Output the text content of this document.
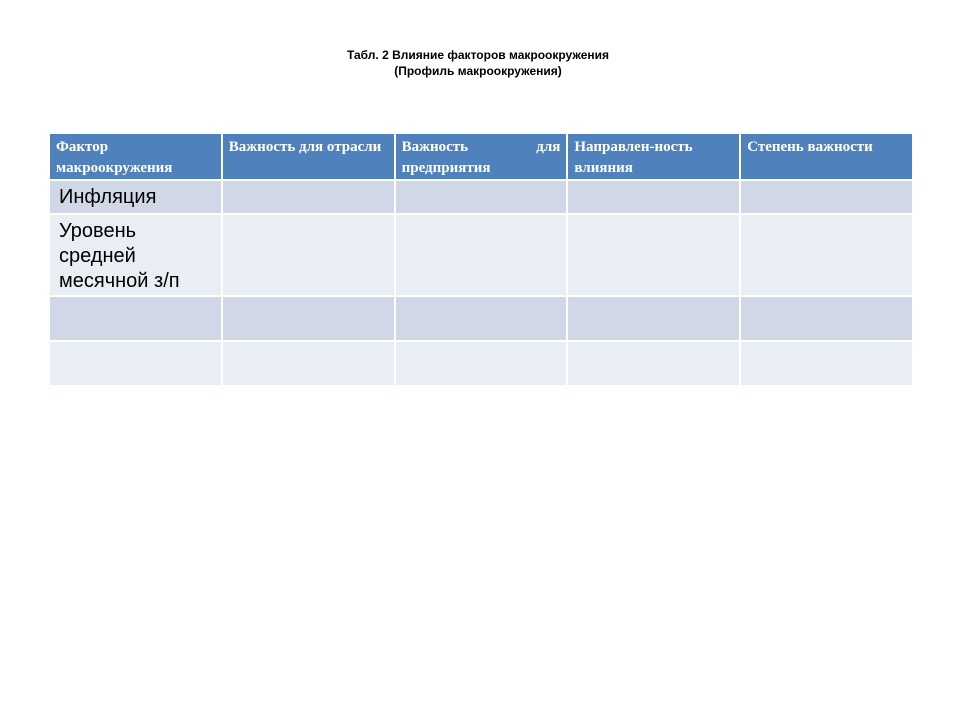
Табл. 2 Влияние факторов макроокружения
(Профиль макроокружения)
Фактор макроокружения	Важность для отрасли	Важность для предприятия	Направлен-ность влияния	Степень важности

Инфляция				
Уровень средней месячной з/п				
